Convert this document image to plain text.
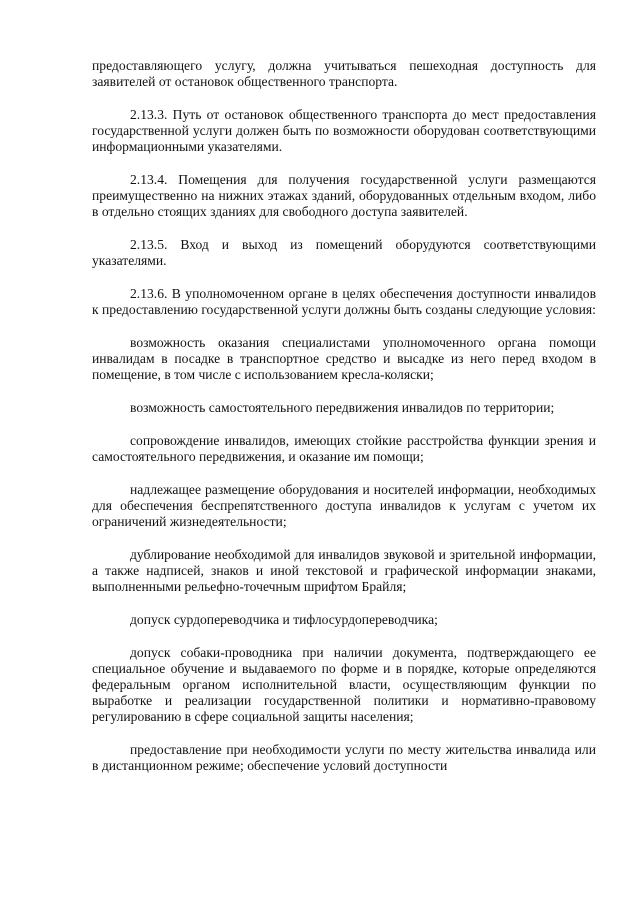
предоставляющего услугу, должна учитываться пешеходная доступность для заявителей от остановок общественного транспорта.

2.13.3. Путь от остановок общественного транспорта до мест предоставления государственной услуги должен быть по возможности оборудован соответствующими информационными указателями.

2.13.4. Помещения для получения государственной услуги размещаются преимущественно на нижних этажах зданий, оборудованных отдельным входом, либо в отдельно стоящих зданиях для свободного доступа заявителей.

2.13.5. Вход и выход из помещений оборудуются соответствующими указателями.

2.13.6. В уполномоченном органе в целях обеспечения доступности инвалидов к предоставлению государственной услуги должны быть созданы следующие условия:

возможность оказания специалистами уполномоченного органа помощи инвалидам в посадке в транспортное средство и высадке из него перед входом в помещение, в том числе с использованием кресла-коляски;

возможность самостоятельного передвижения инвалидов по территории;

сопровождение инвалидов, имеющих стойкие расстройства функции зрения и самостоятельного передвижения, и оказание им помощи;

надлежащее размещение оборудования и носителей информации, необходимых для обеспечения беспрепятственного доступа инвалидов к услугам с учетом их ограничений жизнедеятельности;

дублирование необходимой для инвалидов звуковой и зрительной информации, а также надписей, знаков и иной текстовой и графической информации знаками, выполненными рельефно-точечным шрифтом Брайля;

допуск сурдопереводчика и тифлосурдопереводчика;

допуск собаки-проводника при наличии документа, подтверждающего ее специальное обучение и выдаваемого по форме и в порядке, которые определяются федеральным органом исполнительной власти, осуществляющим функции по выработке и реализации государственной политики и нормативно-правовому регулированию в сфере социальной защиты населения;

предоставление при необходимости услуги по месту жительства инвалида или в дистанционном режиме; обеспечение условий доступности
